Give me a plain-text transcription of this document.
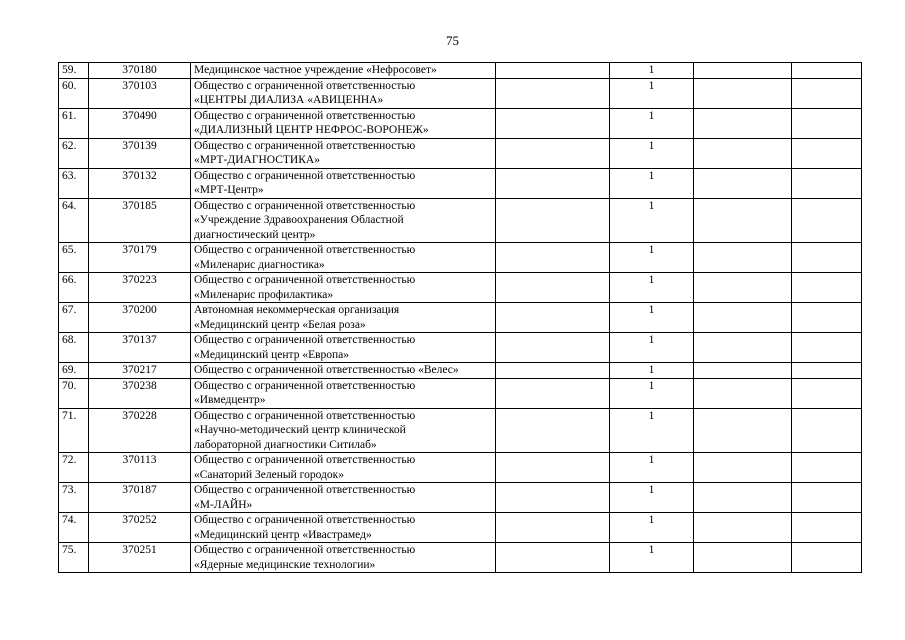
75
59.	370180	Медицинское частное учреждение «Нефросовет»		1		
60.	370103	Общество с ограниченной ответственностью
«ЦЕНТРЫ ДИАЛИЗА «АВИЦЕННА»		1		
61.	370490	Общество с ограниченной ответственностью
«ДИАЛИЗНЫЙ ЦЕНТР НЕФРОС-ВОРОНЕЖ»		1		
62.	370139	Общество с ограниченной ответственностью
«МРТ-ДИАГНОСТИКА»		1		
63.	370132	Общество с ограниченной ответственностью
«МРТ-Центр»		1		
64.	370185	Общество с ограниченной ответственностью
«Учреждение Здравоохранения Областной
диагностический центр»		1		
65.	370179	Общество с ограниченной ответственностью
«Миленарис диагностика»		1		
66.	370223	Общество с ограниченной ответственностью
«Миленарис профилактика»		1		
67.	370200	Автономная некоммерческая организация
«Медицинский центр «Белая роза»		1		
68.	370137	Общество с ограниченной ответственностью
«Медицинский центр «Европа»		1		
69.	370217	Общество с ограниченной ответственностью «Велес»		1		
70.	370238	Общество с ограниченной ответственностью
«Ивмедцентр»		1		
71.	370228	Общество с ограниченной ответственностью
«Научно-методический центр клинической
лабораторной диагностики Ситилаб»		1		
72.	370113	Общество с ограниченной ответственностью
«Санаторий Зеленый городок»		1		
73.	370187	Общество с ограниченной ответственностью
«М-ЛАЙН»		1		
74.	370252	Общество с ограниченной ответственностью
«Медицинский центр «Ивастрамед»		1		
75.	370251	Общество с ограниченной ответственностью
«Ядерные медицинские технологии»		1		
